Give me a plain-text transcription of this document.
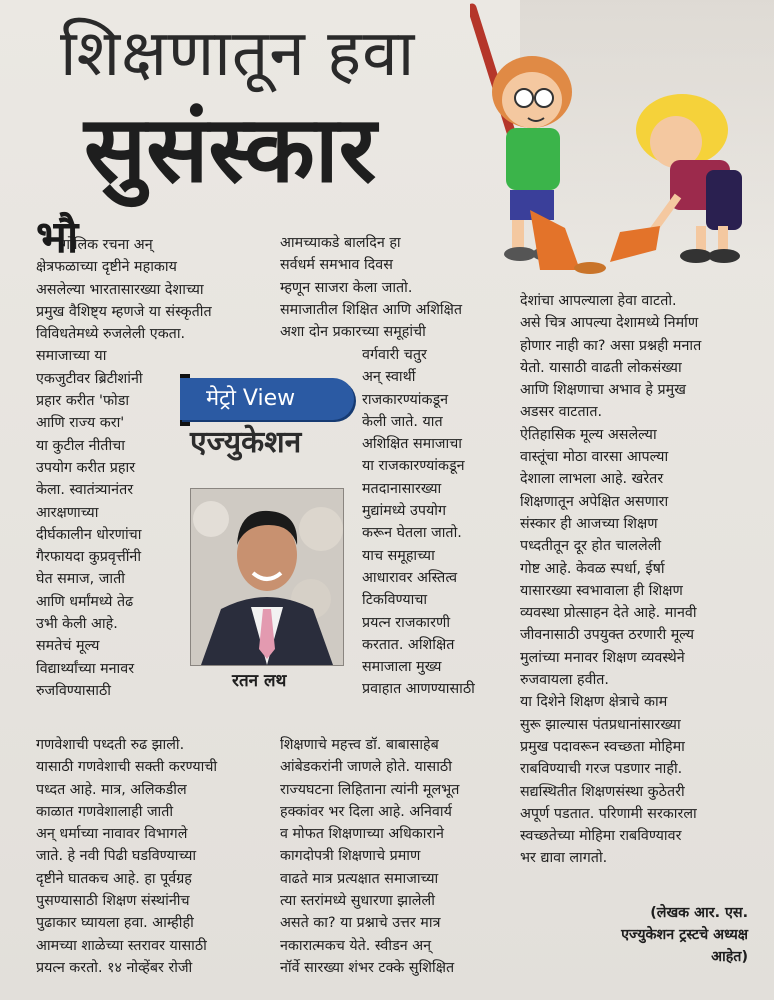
शिक्षणातून हवा
सुसंस्कार
भौ
गोलिक रचना अन्
क्षेत्रफळाच्या दृष्टीने महाकाय
असलेल्या भारतासारख्या देशाच्या
प्रमुख वैशिष्ट्य म्हणजे या संस्कृतीत
विविधतेमध्ये रुजलेली एकता.
समाजाच्या या
एकजुटीवर ब्रिटीशांनी
प्रहार करीत 'फोडा
आणि राज्य करा'
या कुटील नीतीचा
उपयोग करीत प्रहार
केला. स्वातंत्र्यानंतर
आरक्षणाच्या
दीर्घकालीन धोरणांचा
गैरफायदा कुप्रवृत्तींनी
घेत समाज, जाती
आणि धर्मांमध्ये तेढ
उभी केली आहे.
समतेचं मूल्य
विद्यार्थ्यांच्या मनावर
रुजविण्यासाठी
गणवेशाची पध्दती रुढ झाली.
यासाठी गणवेशाची सक्ती करण्याची
पध्दत आहे. मात्र, अलिकडील
काळात गणवेशालाही जाती
अन् धर्माच्या नावावर विभागले
जाते. हे नवी पिढी घडविण्याच्या
दृष्टीने घातकच आहे. हा पूर्वग्रह
पुसण्यासाठी शिक्षण संस्थांनीच
पुढाकार घ्यायला हवा. आम्हीही
आमच्या शाळेच्या स्तरावर यासाठी
प्रयत्न करतो. १४ नोव्हेंबर रोजी
आमच्याकडे बालदिन हा
सर्वधर्म समभाव दिवस
म्हणून साजरा केला जातो.
समाजातील शिक्षित आणि अशिक्षित
अशा दोन प्रकारच्या समूहांची
वर्गवारी चतुर
अन् स्वार्थी
राजकारण्यांकडून
केली जाते. यात
अशिक्षित समाजाचा
या राजकारण्यांकडून
मतदानासारख्या
मुद्यांमध्ये उपयोग
करून घेतला जातो.
याच समूहाच्या
आधारावर अस्तित्व
टिकविण्याचा
प्रयत्न राजकारणी
करतात. अशिक्षित
समाजाला मुख्य
प्रवाहात आणण्यासाठी
शिक्षणाचे महत्त्व डॉ. बाबासाहेब
आंबेडकरांनी जाणले होते. यासाठी
राज्यघटना लिहिताना त्यांनी मूलभूत
हक्कांवर भर दिला आहे. अनिवार्य
व मोफत शिक्षणाच्या अधिकाराने
कागदोपत्री शिक्षणाचे प्रमाण
वाढते मात्र प्रत्यक्षात समाजाच्या
त्या स्तरांमध्ये सुधारणा झालेली
असते का? या प्रश्नाचे उत्तर मात्र
नकारात्मकच येते. स्वीडन अन्
नॉर्वे सारख्या शंभर टक्के सुशिक्षित
देशांचा आपल्याला हेवा वाटतो.
असे चित्र आपल्या देशामध्ये निर्माण
होणार नाही का? असा प्रश्नही मनात
येतो. यासाठी वाढती लोकसंख्या
आणि शिक्षणाचा अभाव हे प्रमुख
अडसर वाटतात.
ऐतिहासिक मूल्य असलेल्या
वास्तूंचा मोठा वारसा आपल्या
देशाला लाभला आहे. खरेतर
शिक्षणातून अपेक्षित असणारा
संस्कार ही आजच्या शिक्षण
पध्दतीतून दूर होत चाललेली
गोष्ट आहे. केवळ स्पर्धा, ईर्षा
यासारख्या स्वभावाला ही शिक्षण
व्यवस्था प्रोत्साहन देते आहे. मानवी
जीवनासाठी उपयुक्त ठरणारी मूल्य
मुलांच्या मनावर शिक्षण व्यवस्थेने
रुजवायला हवीत.
या दिशेने शिक्षण क्षेत्राचे काम
सुरू झाल्यास पंतप्रधानांसारख्या
प्रमुख पदावरून स्वच्छता मोहिमा
राबविण्याची गरज पडणार नाही.
सद्यस्थितीत शिक्षणसंस्था कुठेतरी
अपूर्ण पडतात. परिणामी सरकारला
स्वच्छतेच्या मोहिमा राबविण्यावर
भर द्यावा लागतो.
मेट्रो View
एज्युकेशन
रतन लथ
(लेखक आर. एस.
एज्युकेशन ट्रस्टचे अध्यक्ष
आहेत)
